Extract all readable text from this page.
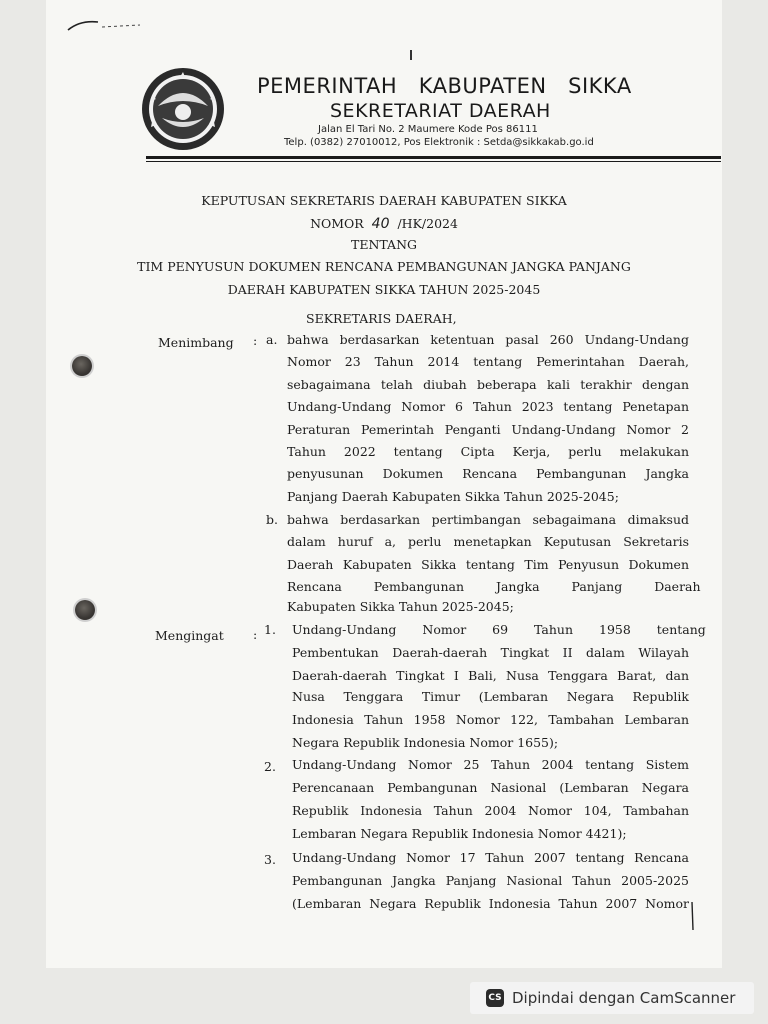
PEMERINTAH   KABUPATEN   SIKKA
SEKRETARIAT DAERAH
Jalan El Tari No. 2 Maumere Kode Pos 86111
Telp. (0382) 27010012, Pos Elektronik : Setda@sikkakab.go.id
KEPUTUSAN SEKRETARIS DAERAH KABUPATEN SIKKA
NOMOR 40 /HK/2024
TENTANG
TIM PENYUSUN DOKUMEN RENCANA PEMBANGUNAN JANGKA PANJANG
DAERAH KABUPATEN SIKKA TAHUN 2025-2045
SEKRETARIS DAERAH,
Menimbang : a. bahwa berdasarkan ketentuan pasal 260 Undang-Undang
Nomor 23 Tahun 2014 tentang Pemerintahan Daerah,
sebagaimana telah diubah beberapa kali terakhir dengan
Undang-Undang Nomor 6 Tahun 2023 tentang Penetapan
Peraturan Pemerintah Penganti Undang-Undang Nomor 2
Tahun 2022 tentang Cipta Kerja, perlu melakukan
penyusunan Dokumen Rencana Pembangunan Jangka
Panjang Daerah Kabupaten Sikka Tahun 2025-2045;
b. bahwa berdasarkan pertimbangan sebagaimana dimaksud
dalam huruf a, perlu menetapkan Keputusan Sekretaris
Daerah Kabupaten Sikka tentang Tim Penyusun Dokumen
Rencana Pembangunan Jangka Panjang Daerah
Kabupaten Sikka Tahun 2025-2045;
Mengingat : 1. Undang-Undang Nomor 69 Tahun 1958 tentang
Pembentukan Daerah-daerah Tingkat II dalam Wilayah
Daerah-daerah Tingkat I Bali, Nusa Tenggara Barat, dan
Nusa Tenggara Timur (Lembaran Negara Republik
Indonesia Tahun 1958 Nomor 122, Tambahan Lembaran
Negara Republik Indonesia Nomor 1655);
2. Undang-Undang Nomor 25 Tahun 2004 tentang Sistem
Perencanaan Pembangunan Nasional (Lembaran Negara
Republik Indonesia Tahun 2004 Nomor 104, Tambahan
Lembaran Negara Republik Indonesia Nomor 4421);
3. Undang-Undang Nomor 17 Tahun 2007 tentang Rencana
Pembangunan Jangka Panjang Nasional Tahun 2005-2025
(Lembaran Negara Republik Indonesia Tahun 2007 Nomor
CS Dipindai dengan CamScanner
